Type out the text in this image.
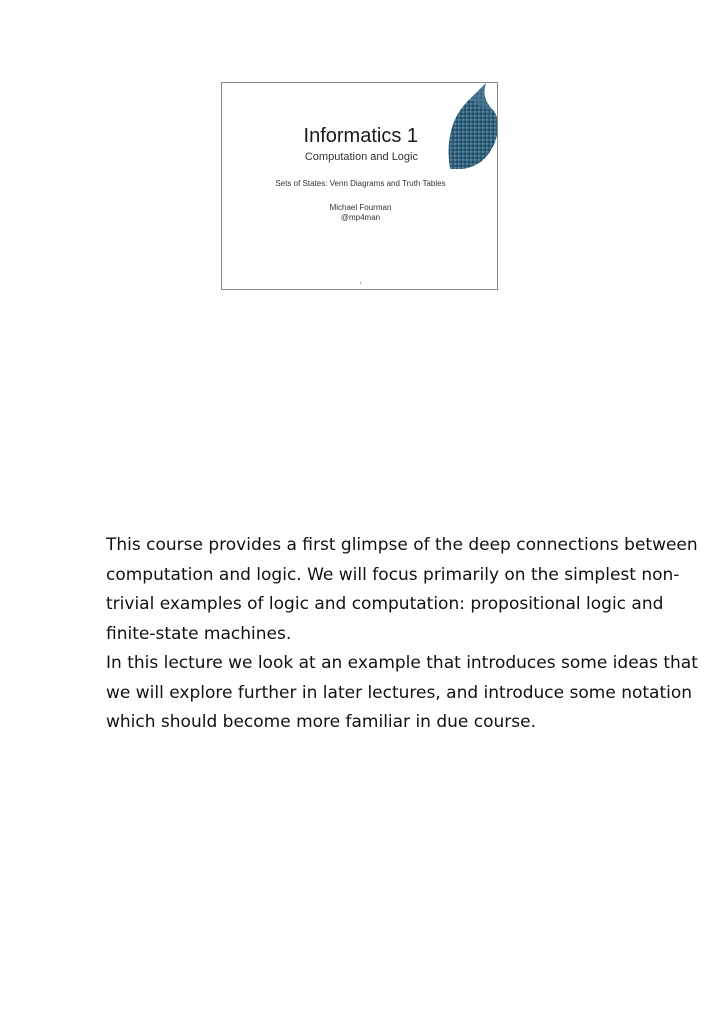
Informatics 1
Computation and Logic
Sets of States: Venn Diagrams and Truth Tables
Michael Fourman
@mp4man
1

This course provides a first glimpse of the deep connections between computation and logic. We will focus primarily on the simplest non-trivial examples of logic and computation: propositional logic and finite-state machines.

In this lecture we look at an example that introduces some ideas that we will explore further in later lectures, and introduce some notation which should become more familiar in due course.
